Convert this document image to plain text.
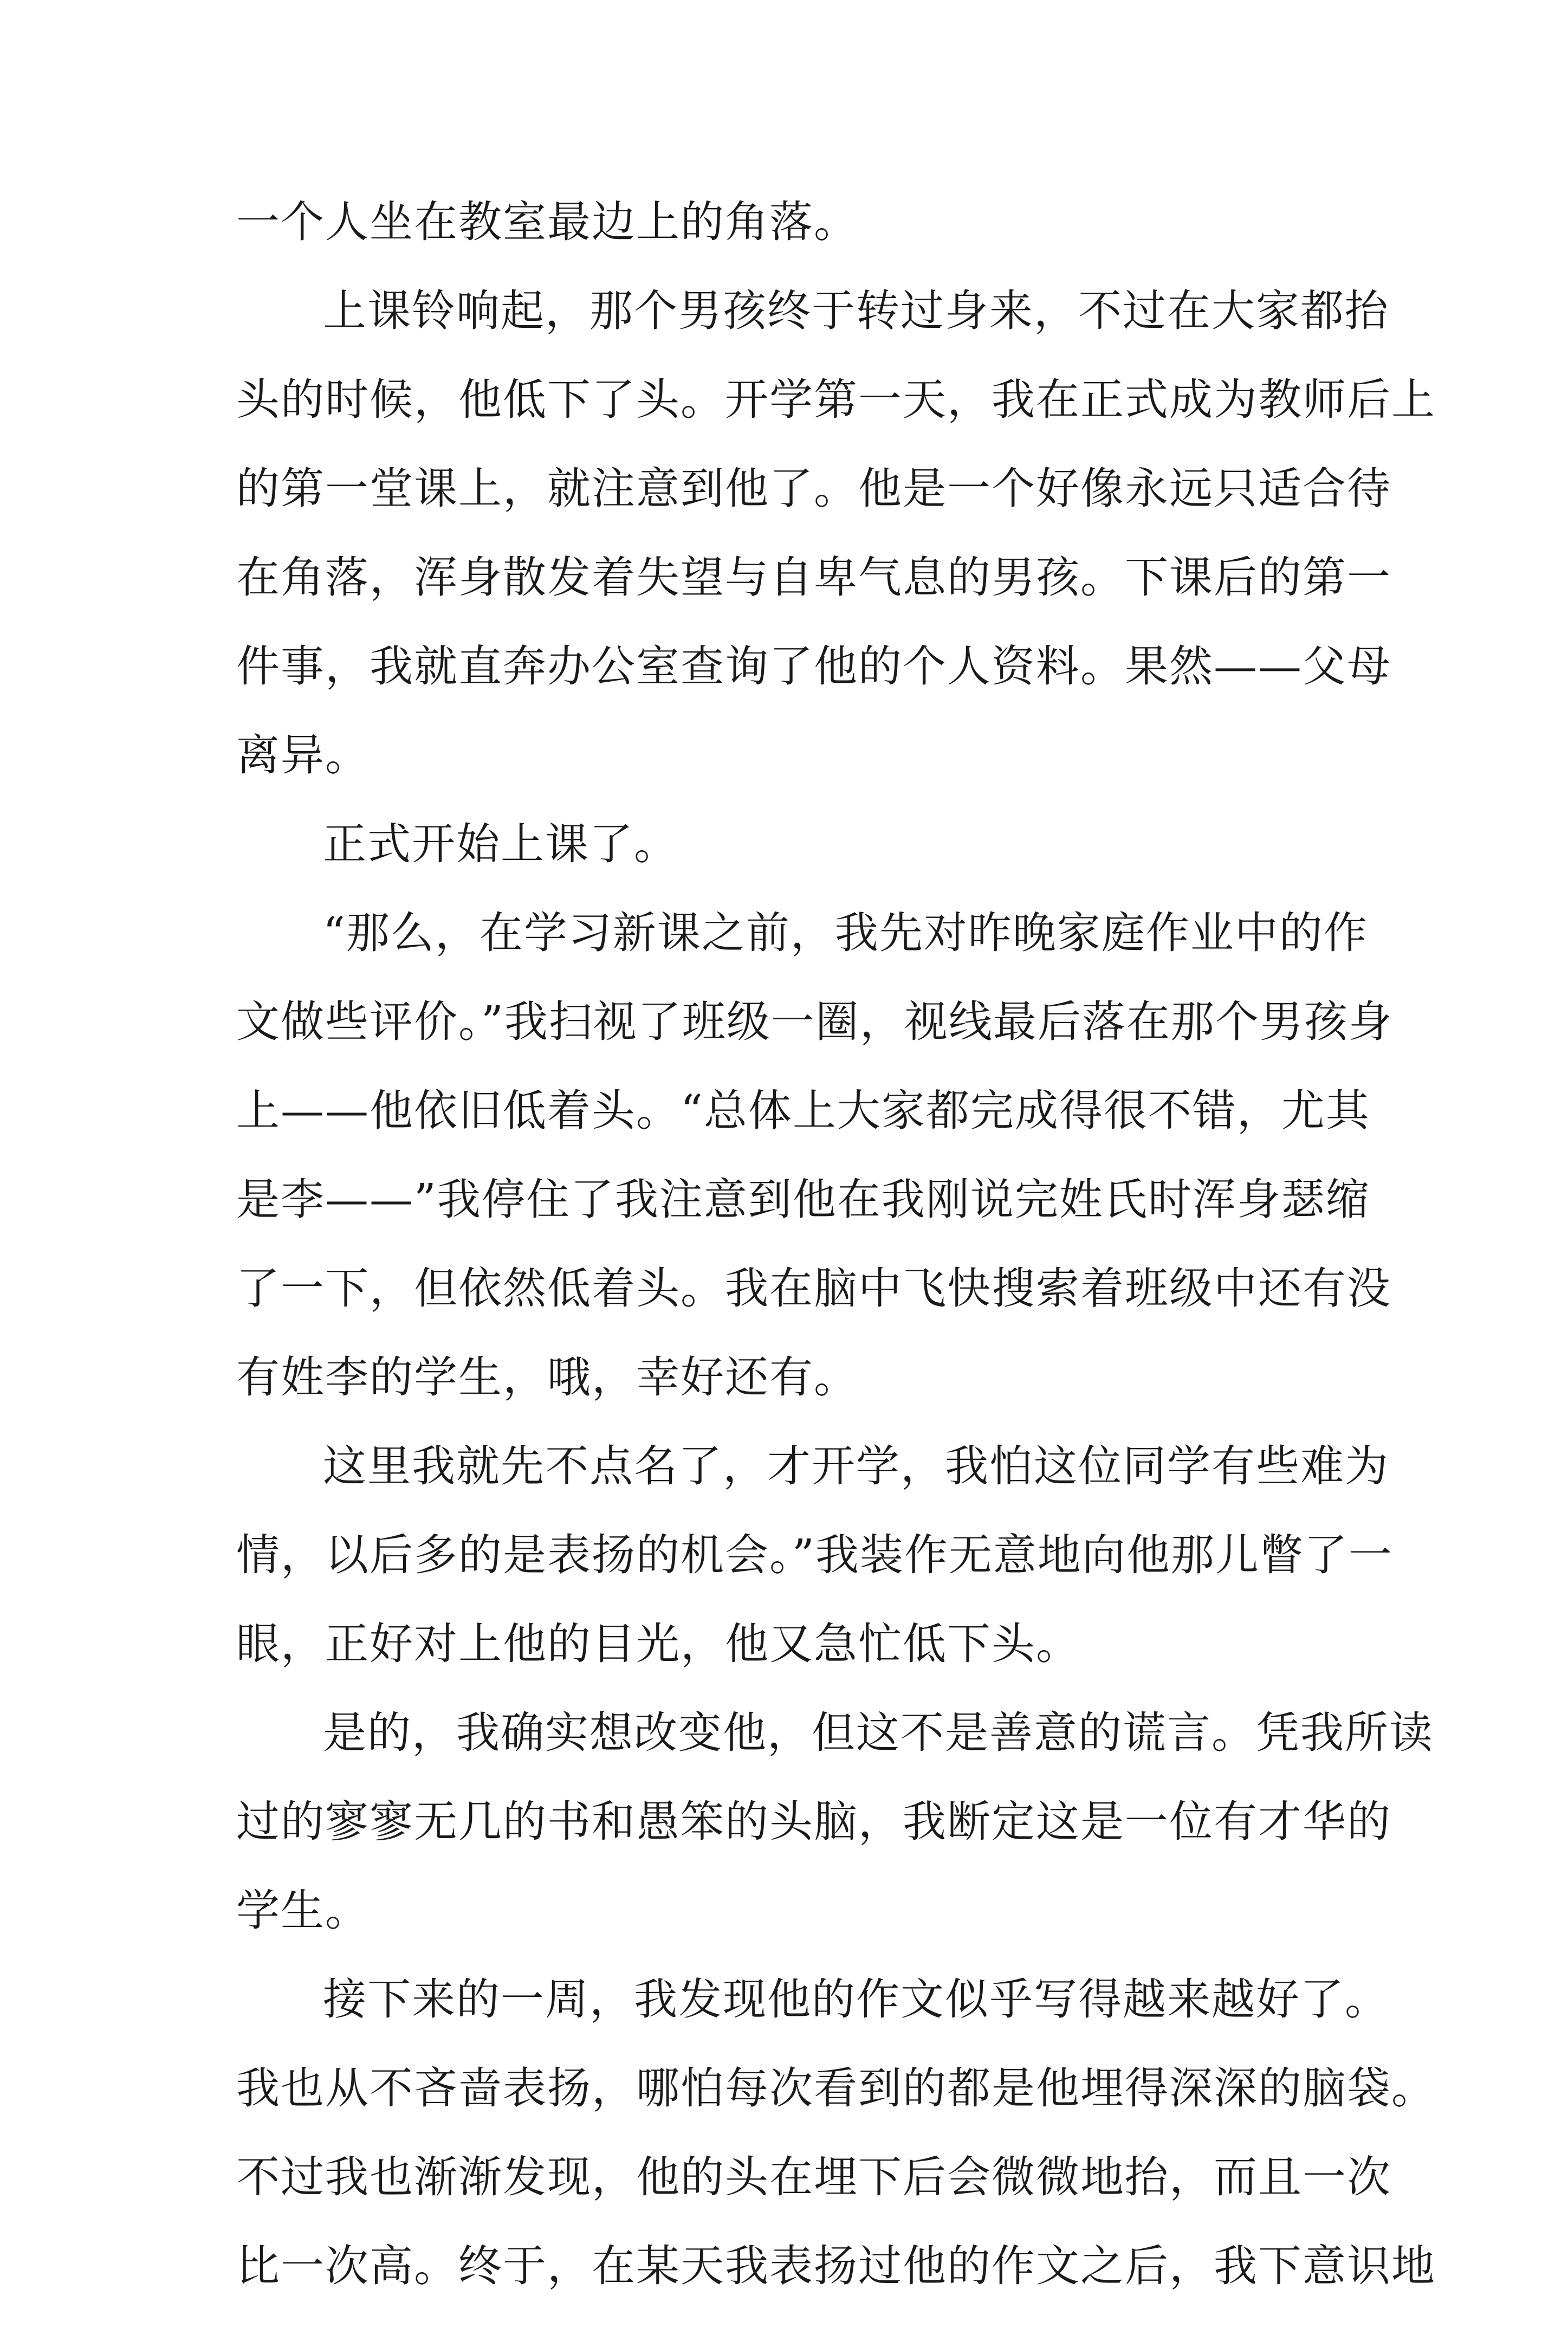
一个人坐在教室最边上的角落。
上课铃响起，那个男孩终于转过身来，不过在大家都抬
头的时候，他低下了头。开学第一天，我在正式成为教师后上
的第一堂课上，就注意到他了。他是一个好像永远只适合待
在角落，浑身散发着失望与自卑气息的男孩。下课后的第一
件事，我就直奔办公室查询了他的个人资料。果然——父母
离异。
正式开始上课了。
“那么，在学习新课之前，我先对昨晚家庭作业中的作
文做些评价。”我扫视了班级一圈，视线最后落在那个男孩身
上——他依旧低着头。“总体上大家都完成得很不错，尤其
是李——”我停住了我注意到他在我刚说完姓氏时浑身瑟缩
了一下，但依然低着头。我在脑中飞快搜索着班级中还有没
有姓李的学生，哦，幸好还有。
这里我就先不点名了，才开学，我怕这位同学有些难为
情，以后多的是表扬的机会。”我装作无意地向他那儿瞥了一
眼，正好对上他的目光，他又急忙低下头。
是的，我确实想改变他，但这不是善意的谎言。凭我所读
过的寥寥无几的书和愚笨的头脑，我断定这是一位有才华的
学生。
接下来的一周，我发现他的作文似乎写得越来越好了。
我也从不吝啬表扬，哪怕每次看到的都是他埋得深深的脑袋。
不过我也渐渐发现，他的头在埋下后会微微地抬，而且一次
比一次高。终于，在某天我表扬过他的作文之后，我下意识地
